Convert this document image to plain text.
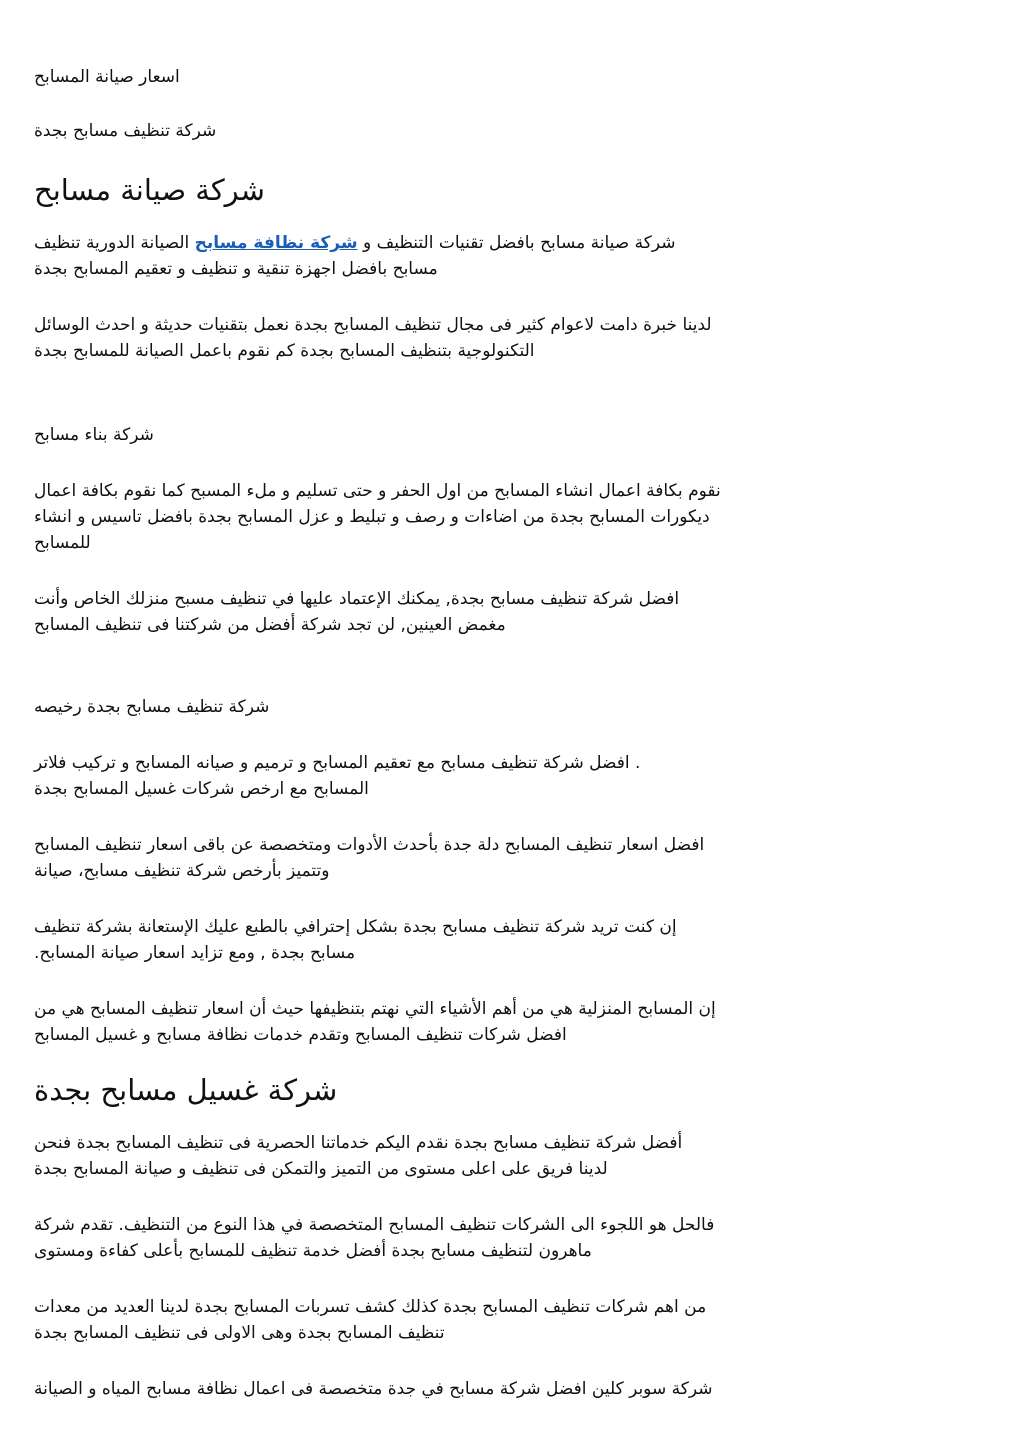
اسعار صيانة المسابح

شركة تنظيف مسابح بجدة

شركة صيانة مسابح

شركة صيانة مسابح بافضل تقنيات التنظيف و شركة نظافة مسابح الصيانة الدورية تنظيف

مسابح بافضل اجهزة تنقية و تنظيف و تعقيم المسابح بجدة

لدينا خبرة دامت لاعوام كثير فى مجال تنظيف المسابح بجدة نعمل بتقنيات حديثة و احدث الوسائل

التكنولوجية بتنظيف المسابح بجدة كم نقوم باعمل الصيانة للمسابح بجدة

شركة بناء مسابح

نقوم بكافة اعمال انشاء المسابح من اول الحفر و حتى تسليم و ملء المسبح كما نقوم بكافة اعمال

ديكورات المسابح بجدة من اضاءات و رصف و تبليط و عزل المسابح بجدة بافضل تاسيس و انشاء

للمسابح

افضل شركة تنظيف مسابح بجدة, يمكنك الإعتماد عليها في تنظيف مسبح منزلك الخاص وأنت

مغمض العينين, لن تجد شركة أفضل من شركتنا فى تنظيف المسابح

شركة تنظيف مسابح بجدة رخيصه

. افضل شركة تنظيف مسابح مع تعقيم المسابح و ترميم و صيانه المسابح و تركيب فلاتر

المسابح مع ارخص شركات غسيل المسابح بجدة

افضل اسعار تنظيف المسابح دلة جدة بأحدث الأدوات ومتخصصة عن باقى اسعار تنظيف المسابح

وتتميز بأرخص شركة تنظيف مسابح، صيانة

إن كنت تريد شركة تنظيف مسابح بجدة بشكل إحترافي بالطبع عليك الإستعانة بشركة تنظيف

مسابح بجدة , ومع تزايد اسعار صيانة المسابح.

إن المسابح المنزلية هي من أهم الأشياء التي نهتم بتنظيفها حيث أن اسعار تنظيف المسابح هي من

افضل شركات تنظيف المسابح وتقدم خدمات نظافة مسابح و غسيل المسابح

شركة غسيل مسابح بجدة

أفضل شركة تنظيف مسابح بجدة نقدم اليكم خدماتنا الحصرية فى تنظيف المسابح بجدة فنحن

لدينا فريق على اعلى مستوى من التميز والتمكن فى تنظيف و صيانة المسابح بجدة

فالحل هو اللجوء الى الشركات تنظيف المسابح المتخصصة في هذا النوع من التنظيف. تقدم شركة

ماهرون لتنظيف مسابح بجدة أفضل خدمة تنظيف للمسابح بأعلى كفاءة ومستوى

من اهم شركات تنظيف المسابح بجدة كذلك كشف تسربات المسابح بجدة لدينا العديد من معدات

تنظيف المسابح بجدة وهى الاولى فى تنظيف المسابح بجدة

شركة سوبر كلين افضل شركة مسابح في جدة متخصصة فى اعمال نظافة مسابح المياه و الصيانة
